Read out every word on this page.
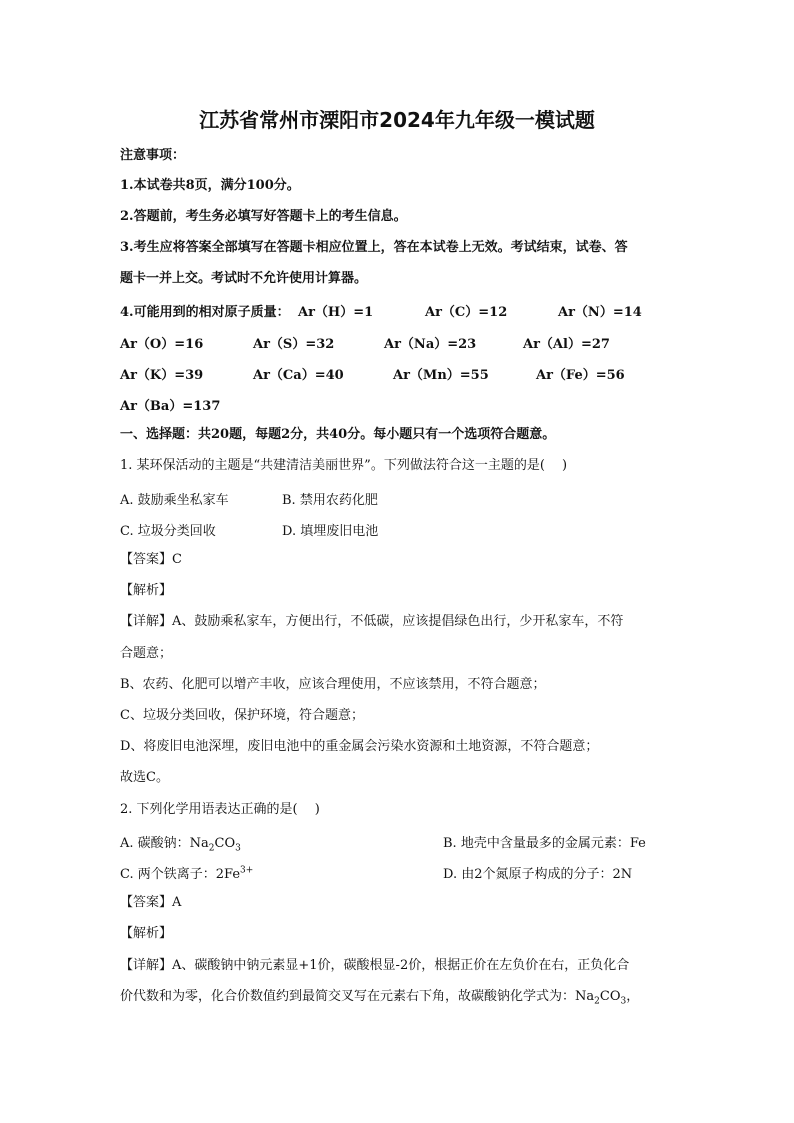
江苏省常州市溧阳市2024年九年级一模试题
注意事项：
1.本试卷共8页，满分100分。
2.答题前，考生务必填写好答题卡上的考生信息。
3.考生应将答案全部填写在答题卡相应位置上，答在本试卷上无效。考试结束，试卷、答
题卡一并上交。考试时不允许使用计算器。
4.可能用到的相对原子质量： Ar（H）=1	Ar（C）=12	Ar（N）=14
Ar（O）=16	Ar（S）=32	Ar（Na）=23	Ar（Al）=27
Ar（K）=39	Ar（Ca）=40	Ar（Mn）=55	Ar（Fe）=56
Ar（Ba）=137
一、选择题：共20题，每题2分，共40分。每小题只有一个选项符合题意。
1. 某环保活动的主题是“共建清洁美丽世界”。下列做法符合这一主题的是(　 )
A. 鼓励乘坐私家车	B. 禁用农药化肥
C. 垃圾分类回收	D. 填埋废旧电池
【答案】C
【解析】
【详解】A、鼓励乘私家车，方便出行，不低碳，应该提倡绿色出行，少开私家车，不符
合题意；
B、农药、化肥可以增产丰收，应该合理使用，不应该禁用，不符合题意；
C、垃圾分类回收，保护环境，符合题意；
D、将废旧电池深埋，废旧电池中的重金属会污染水资源和土地资源，不符合题意；
故选C。
2. 下列化学用语表达正确的是(　 )
A. 碳酸钠：$Na_2CO_3$	B. 地壳中含量最多的金属元素：Fe
C. 两个铁离子：$2Fe^{3+}$	D. 由2个氮原子构成的分子：2N
【答案】A
【解析】
【详解】A、碳酸钠中钠元素显+1价，碳酸根显-2价，根据正价在左负价在右，正负化合
价代数和为零，化合价数值约到最简交叉写在元素右下角，故碳酸钠化学式为：$Na_2CO_3$，
